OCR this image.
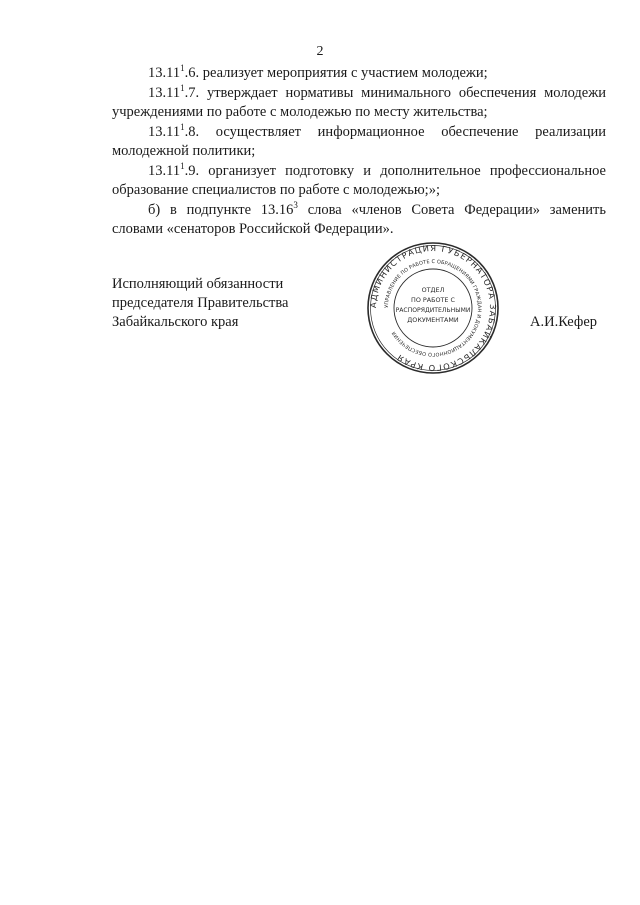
2

13.11$^1$.6. реализует мероприятия с участием молодежи;

13.11$^1$.7. утверждает нормативы минимального обеспечения молодежи учреждениями по работе с молодежью по месту жительства;

13.11$^1$.8. осуществляет информационное обеспечение реализации молодежной политики;

13.11$^1$.9. организует подготовку и дополнительное профессиональное образование специалистов по работе с молодежью;»;

б) в подпункте 13.16$^3$ слова «членов Совета Федерации» заменить словами «сенаторов Российской Федерации».

Исполняющий обязанности
председателя Правительства
Забайкальского края
АДМИНИСТРАЦИЯ ГУБЕРНАТОРА ЗАБАЙКАЛЬСКОГО КРАЯ
УПРАВЛЕНИЕ ПО РАБОТЕ С ОБРАЩЕНИЯМИ ГРАЖДАН И ДОКУМЕНТАЦИОННОГО ОБЕСПЕЧЕНИЯ
ОТДЕЛ
ПО РАБОТЕ С
РАСПОРЯДИТЕЛЬНЫМИ
ДОКУМЕНТАМИ	А.И.Кефер
